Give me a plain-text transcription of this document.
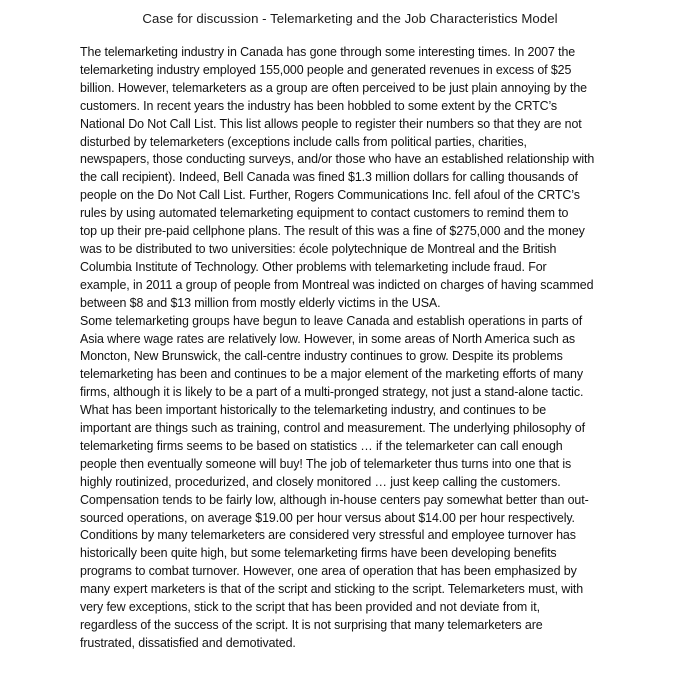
Case for discussion - Telemarketing and the Job Characteristics Model
The telemarketing industry in Canada has gone through some interesting times. In 2007 the
telemarketing industry employed 155,000 people and generated revenues in excess of $25
billion. However, telemarketers as a group are often perceived to be just plain annoying by the
customers. In recent years the industry has been hobbled to some extent by the CRTC’s
National Do Not Call List. This list allows people to register their numbers so that they are not
disturbed by telemarketers (exceptions include calls from political parties, charities,
newspapers, those conducting surveys, and/or those who have an established relationship with
the call recipient). Indeed, Bell Canada was fined $1.3 million dollars for calling thousands of
people on the Do Not Call List. Further, Rogers Communications Inc. fell afoul of the CRTC’s
rules by using automated telemarketing equipment to contact customers to remind them to
top up their pre-paid cellphone plans. The result of this was a fine of $275,000 and the money
was to be distributed to two universities: école polytechnique de Montreal and the British
Columbia Institute of Technology. Other problems with telemarketing include fraud. For
example, in 2011 a group of people from Montreal was indicted on charges of having scammed
between $8 and $13 million from mostly elderly victims in the USA.
Some telemarketing groups have begun to leave Canada and establish operations in parts of
Asia where wage rates are relatively low. However, in some areas of North America such as
Moncton, New Brunswick, the call-centre industry continues to grow. Despite its problems
telemarketing has been and continues to be a major element of the marketing efforts of many
firms, although it is likely to be a part of a multi-pronged strategy, not just a stand-alone tactic.
What has been important historically to the telemarketing industry, and continues to be
important are things such as training, control and measurement. The underlying philosophy of
telemarketing firms seems to be based on statistics … if the telemarketer can call enough
people then eventually someone will buy! The job of telemarketer thus turns into one that is
highly routinized, procedurized, and closely monitored … just keep calling the customers.
Compensation tends to be fairly low, although in-house centers pay somewhat better than out-
sourced operations, on average $19.00 per hour versus about $14.00 per hour respectively.
Conditions by many telemarketers are considered very stressful and employee turnover has
historically been quite high, but some telemarketing firms have been developing benefits
programs to combat turnover. However, one area of operation that has been emphasized by
many expert marketers is that of the script and sticking to the script. Telemarketers must, with
very few exceptions, stick to the script that has been provided and not deviate from it,
regardless of the success of the script. It is not surprising that many telemarketers are
frustrated, dissatisfied and demotivated.
